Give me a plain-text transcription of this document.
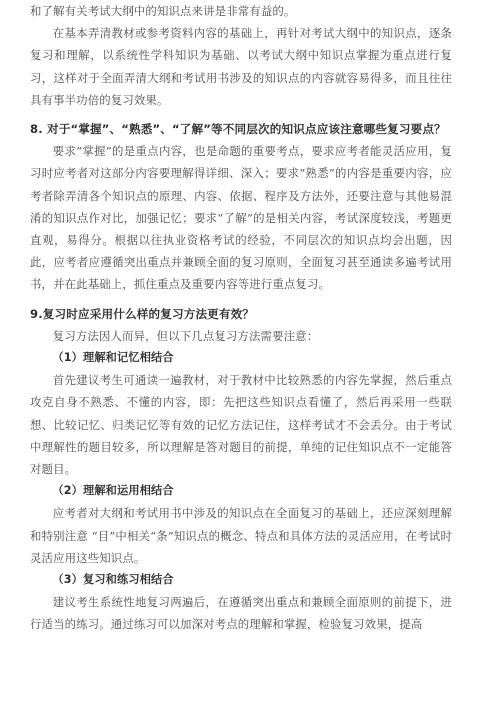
和了解有关考试大纲中的知识点来讲是非常有益的。

在基本弄清教材或参考资料内容的基础上，再针对考试大纲中的知识点，逐条复习和理解，以系统性学科知识为基础、以考试大纲中知识点掌握为重点进行复习，这样对于全面弄清大纲和考试用书涉及的知识点的内容就容易得多，而且往往具有事半功倍的复习效果。

8. 对于“掌握”、“熟悉”、“了解”等不同层次的知识点应该注意哪些复习要点？

要求“掌握”的是重点内容，也是命题的重要考点，要求应考者能灵活应用，复习时应考者对这部分内容要理解得详细、深入；要求“熟悉”的内容是重要内容，应考者除弄清各个知识点的原理、内容、依据、程序及方法外，还要注意与其他易混淆的知识点作对比，加强记忆；要求“了解”的是相关内容，考试深度较浅，考题更直观，易得分。根据以往执业资格考试的经验，不同层次的知识点均会出题，因此，应考者应遵循突出重点并兼顾全面的复习原则，全面复习甚至通读多遍考试用书，并在此基础上，抓住重点及重要内容等进行重点复习。

9.复习时应采用什么样的复习方法更有效？

复习方法因人而异，但以下几点复习方法需要注意：

（1）理解和记忆相结合

首先建议考生可通读一遍教材，对于教材中比较熟悉的内容先掌握，然后重点攻克自身不熟悉、不懂的内容，即：先把这些知识点看懂了，然后再采用一些联想、比较记忆、归类记忆等有效的记忆方法记住，这样考试才不会丢分。由于考试中理解性的题目较多，所以理解是答对题目的前提，单纯的记住知识点不一定能答对题目。

（2）理解和运用相结合

应考者对大纲和考试用书中涉及的知识点在全面复习的基础上，还应深刻理解和特别注意 “目”中相关“条”知识点的概念、特点和具体方法的灵活应用，在考试时灵活应用这些知识点。

（3）复习和练习相结合

建议考生系统性地复习两遍后，在遵循突出重点和兼顾全面原则的前提下，进行适当的练习。通过练习可以加深对考点的理解和掌握，检验复习效果，提高
